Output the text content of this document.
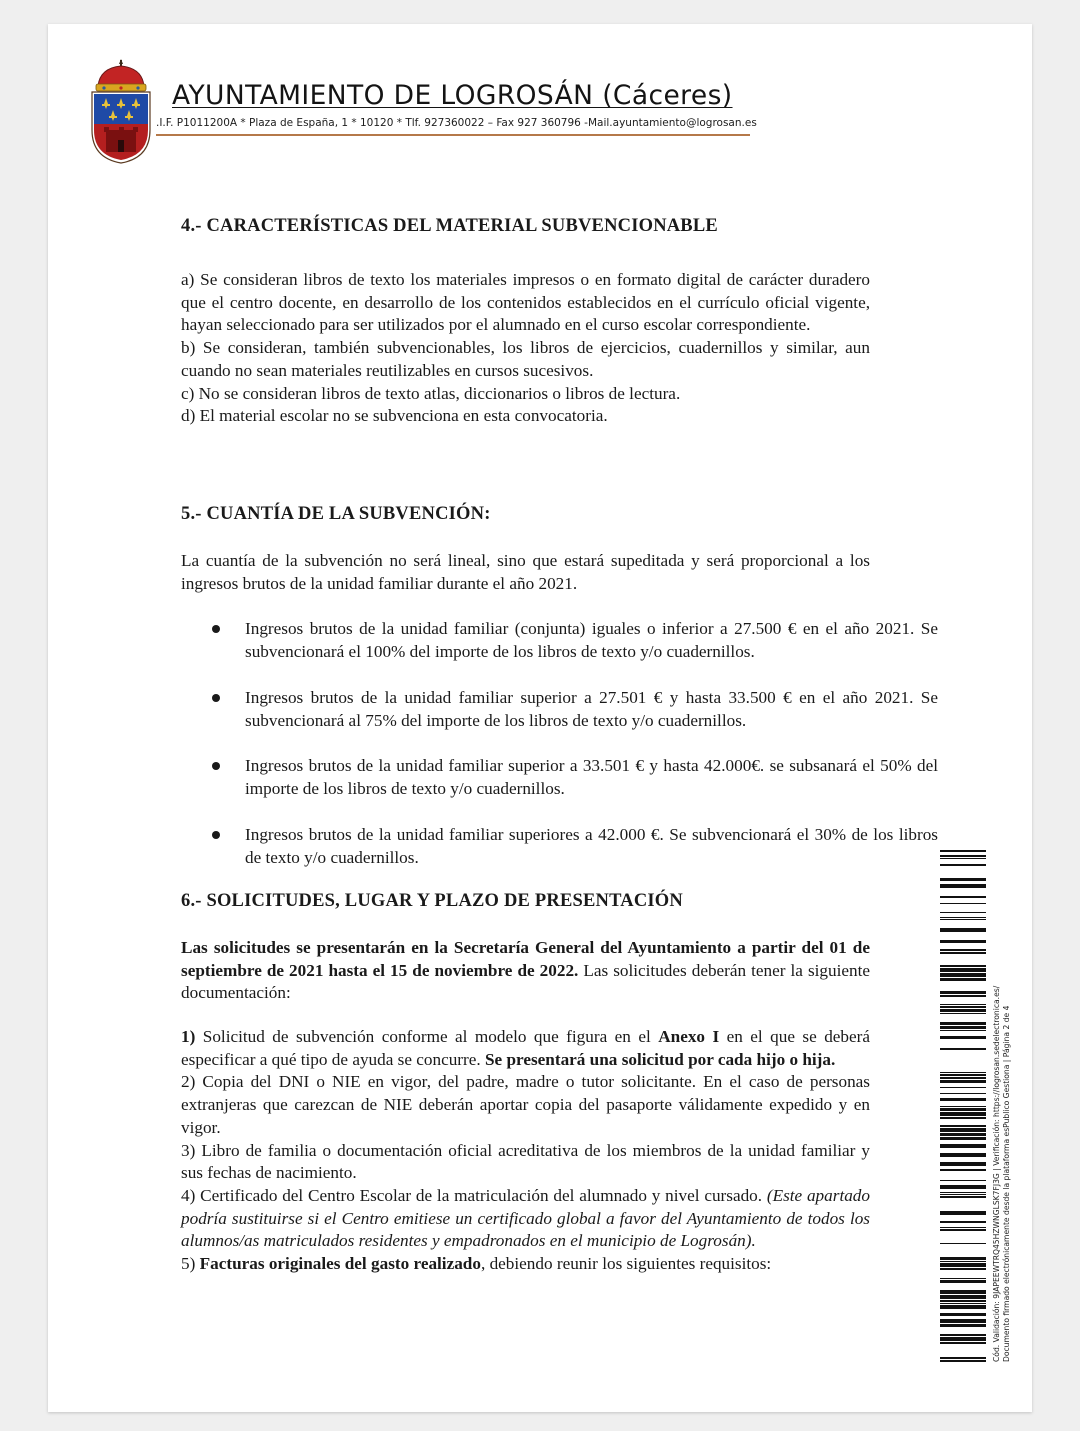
AYUNTAMIENTO DE LOGROSÁN (Cáceres)
.I.F. P1011200A * Plaza de España, 1 * 10120 * Tlf. 927360022 – Fax 927 360796 -Mail.ayuntamiento@logrosan.es
4.- CARACTERÍSTICAS DEL MATERIAL SUBVENCIONABLE

a) Se consideran libros de texto los materiales impresos o en formato digital de carácter duradero que el centro docente, en desarrollo de los contenidos establecidos en el currículo oficial vigente, hayan seleccionado para ser utilizados por el alumnado en el curso escolar correspondiente.

b) Se consideran, también subvencionables, los libros de ejercicios, cuadernillos y similar, aun cuando no sean materiales reutilizables en cursos sucesivos.

c) No se consideran libros de texto atlas, diccionarios o libros de lectura.

d) El material escolar no se subvenciona en esta convocatoria.

5.- CUANTÍA DE LA SUBVENCIÓN:
La cuantía de la subvención no será lineal, sino que estará supeditada y será proporcional a los ingresos brutos de la unidad familiar durante el año 2021.
Ingresos brutos de la unidad familiar (conjunta) iguales o inferior a 27.500 € en el año 2021. Se subvencionará el 100% del importe de los libros de texto y/o cuadernillos.
Ingresos brutos de la unidad familiar superior a 27.501 € y hasta 33.500 € en el año 2021. Se subvencionará al 75% del importe de los libros de texto y/o cuadernillos.
Ingresos brutos de la unidad familiar superior a 33.501 € y hasta 42.000€. se subsanará el 50% del importe de los libros de texto y/o cuadernillos.
Ingresos brutos de la unidad familiar superiores a 42.000 €. Se subvencionará el 30% de los libros de texto y/o cuadernillos.
6.- SOLICITUDES, LUGAR Y PLAZO DE PRESENTACIÓN

Las solicitudes se presentarán en la Secretaría General del Ayuntamiento a partir del 01 de septiembre de 2021 hasta el 15 de noviembre de 2022. Las solicitudes deberán tener la siguiente documentación:

1) Solicitud de subvención conforme al modelo que figura en el Anexo I en el que se deberá especificar a qué tipo de ayuda se concurre. Se presentará una solicitud por cada hijo o hija.

2) Copia del DNI o NIE en vigor, del padre, madre o tutor solicitante. En el caso de personas extranjeras que carezcan de NIE deberán aportar copia del pasaporte válidamente expedido y en vigor.

3) Libro de familia o documentación oficial acreditativa de los miembros de la unidad familiar y sus fechas de nacimiento.

4) Certificado del Centro Escolar de la matriculación del alumnado y nivel cursado. (Este apartado podría sustituirse si el Centro emitiese un certificado global a favor del Ayuntamiento de todos los alumnos/as matriculados residentes y empadronados en el municipio de Logrosán).

5) Facturas originales del gasto realizado, debiendo reunir los siguientes requisitos:	Cód. Validación: 9JAPEEWTRQ45HZWNGLSK7FJ3G | Verificación: https://logrosan.sedelectronica.es/ Documento firmado electrónicamente desde la plataforma esPublico Gestiona | Página 2 de 4
